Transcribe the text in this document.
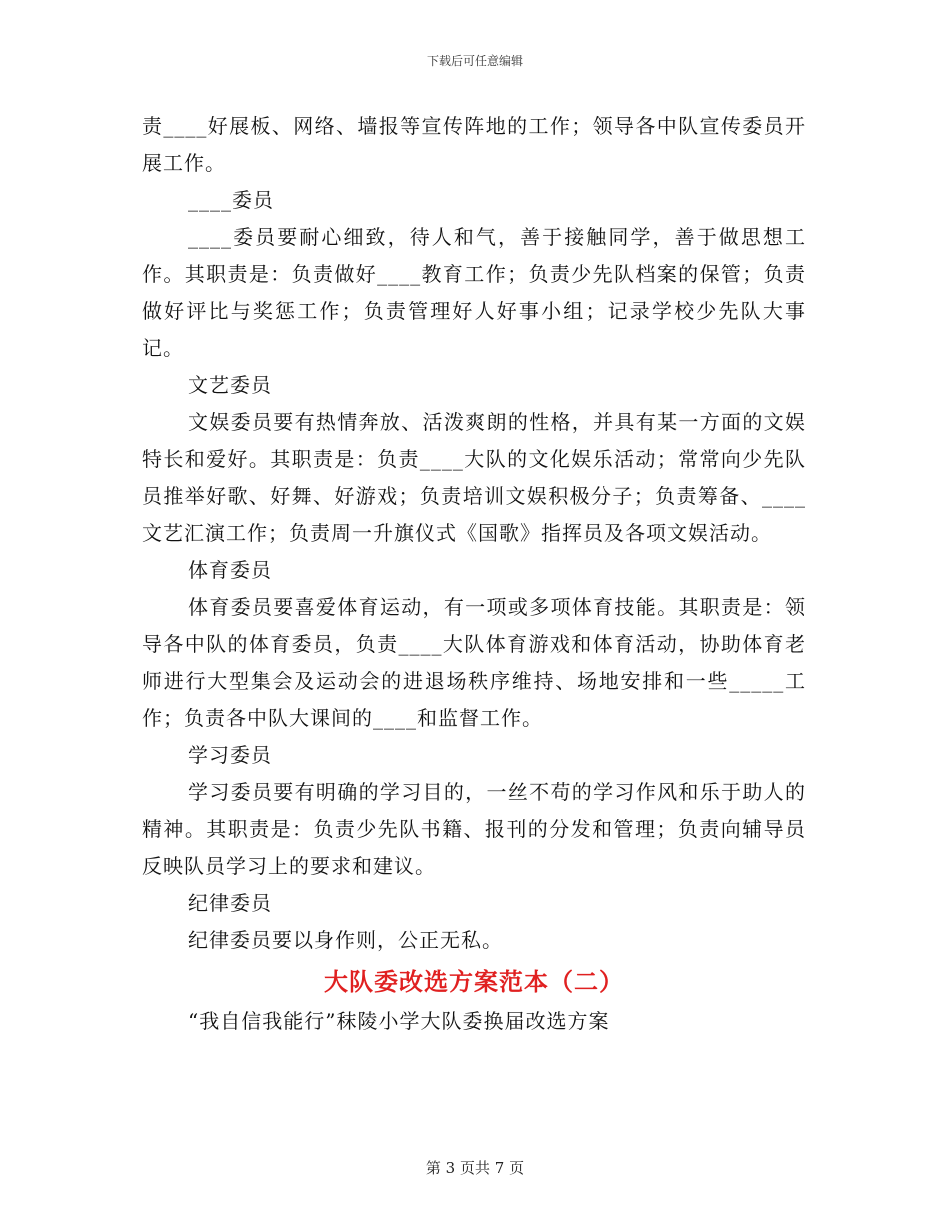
下载后可任意编辑

责____好展板、网络、墙报等宣传阵地的工作；领导各中队宣传委员开展工作。

____委员

____委员要耐心细致，待人和气，善于接触同学，善于做思想工作。其职责是：负责做好____教育工作；负责少先队档案的保管；负责做好评比与奖惩工作；负责管理好人好事小组；记录学校少先队大事记。

文艺委员

文娱委员要有热情奔放、活泼爽朗的性格，并具有某一方面的文娱特长和爱好。其职责是：负责____大队的文化娱乐活动；常常向少先队员推举好歌、好舞、好游戏；负责培训文娱积极分子；负责筹备、____文艺汇演工作；负责周一升旗仪式《国歌》指挥员及各项文娱活动。

体育委员

体育委员要喜爱体育运动，有一项或多项体育技能。其职责是：领导各中队的体育委员，负责____大队体育游戏和体育活动，协助体育老师进行大型集会及运动会的进退场秩序维持、场地安排和一些_____工作；负责各中队大课间的____和监督工作。

学习委员

学习委员要有明确的学习目的，一丝不苟的学习作风和乐于助人的精神。其职责是：负责少先队书籍、报刊的分发和管理；负责向辅导员反映队员学习上的要求和建议。

纪律委员

纪律委员要以身作则，公正无私。

大队委改选方案范本（二）

“我自信我能行”秣陵小学大队委换届改选方案

第 3 页共 7 页
